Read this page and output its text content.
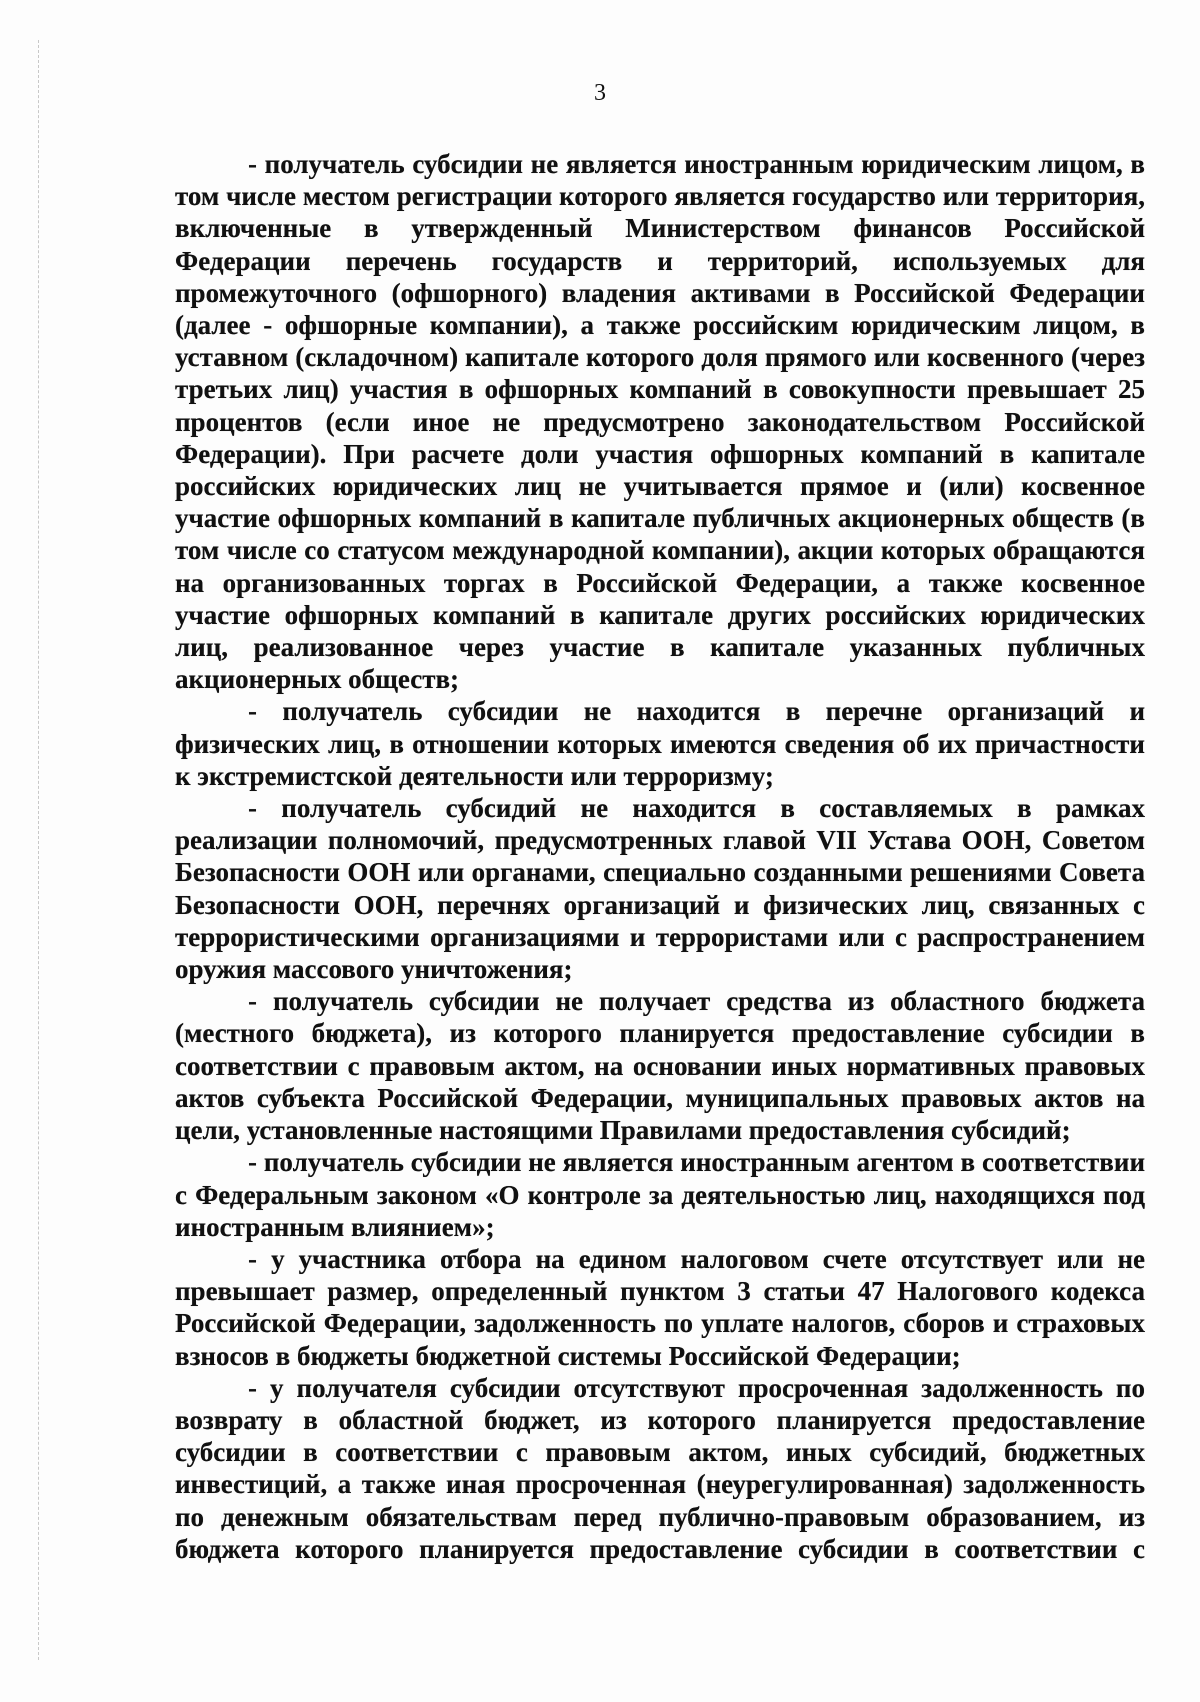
3

- получатель субсидии не является иностранным юридическим лицом, в том числе местом регистрации которого является государство или территория, включенные в утвержденный Министерством финансов Российской Федерации перечень государств и территорий, используемых для промежуточного (офшорного) владения активами в Российской Федерации (далее - офшорные компании), а также российским юридическим лицом, в уставном (складочном) капитале которого доля прямого или косвенного (через третьих лиц) участия в офшорных компаний в совокупности превышает 25 процентов (если иное не предусмотрено законодательством Российской Федерации). При расчете доли участия офшорных компаний в капитале российских юридических лиц не учитывается прямое и (или) косвенное участие офшорных компаний в капитале публичных акционерных обществ (в том числе со статусом международной компании), акции которых обращаются на организованных торгах в Российской Федерации, а также косвенное участие офшорных компаний в капитале других российских юридических лиц, реализованное через участие в капитале указанных публичных акционерных обществ;

- получатель субсидии не находится в перечне организаций и физических лиц, в отношении которых имеются сведения об их причастности к экстремистской деятельности или терроризму;

- получатель субсидий не находится в составляемых в рамках реализации полномочий, предусмотренных главой VII Устава ООН, Советом Безопасности ООН или органами, специально созданными решениями Совета Безопасности ООН, перечнях организаций и физических лиц, связанных с террористическими организациями и террористами или с распространением оружия массового уничтожения;

- получатель субсидии не получает средства из областного бюджета (местного бюджета), из которого планируется предоставление субсидии в соответствии с правовым актом, на основании иных нормативных правовых актов субъекта Российской Федерации, муниципальных правовых актов на цели, установленные настоящими Правилами предоставления субсидий;

- получатель субсидии не является иностранным агентом в соответствии с Федеральным законом «О контроле за деятельностью лиц, находящихся под иностранным влиянием»;

- у участника отбора на едином налоговом счете отсутствует или не превышает размер, определенный пунктом 3 статьи 47 Налогового кодекса Российской Федерации, задолженность по уплате налогов, сборов и страховых взносов в бюджеты бюджетной системы Российской Федерации;

- у получателя субсидии отсутствуют просроченная задолженность по возврату в областной бюджет, из которого планируется предоставление субсидии в соответствии с правовым актом, иных субсидий, бюджетных инвестиций, а также иная просроченная (неурегулированная) задолженность по денежным обязательствам перед публично-правовым образованием, из бюджета которого планируется предоставление субсидии в соответствии с
